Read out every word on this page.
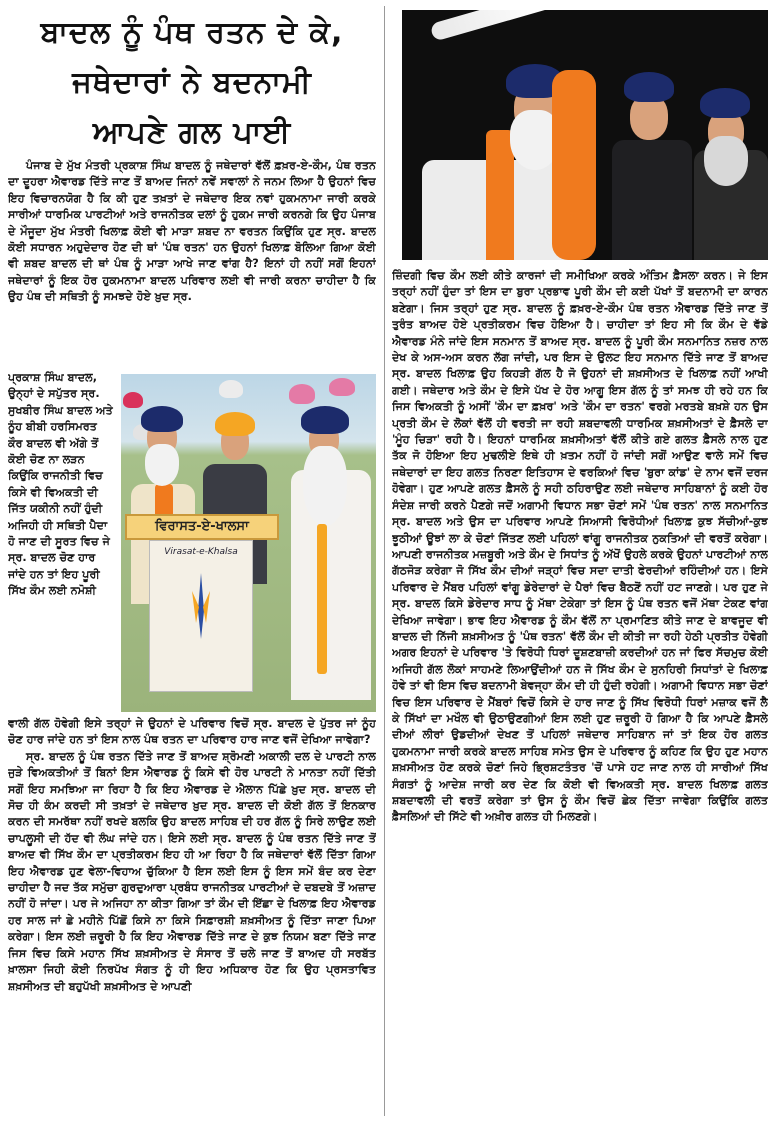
ਬਾਦਲ ਨੂੰ ਪੰਥ ਰਤਨ ਦੇ ਕੇ,
ਜਥੇਦਾਰਾਂ ਨੇ ਬਦਨਾਮੀ
ਆਪਣੇ ਗਲ ਪਾਈ

ਪੰਜਾਬ ਦੇ ਮੁੱਖ ਮੰਤਰੀ ਪ੍ਰਕਾਸ਼ ਸਿੰਘ ਬਾਦਲ ਨੂੰ ਜਥੇਦਾਰਾਂ ਵੱਲੋਂ ਫ਼ਖ਼ਰ-ਏ-ਕੌਮ, ਪੰਥ ਰਤਨ ਦਾ ਦੂਹਰਾ ਐਵਾਰਡ ਦਿੱਤੇ ਜਾਣ ਤੋਂ ਬਾਅਦ ਜਿਨਾਂ ਨਵੇਂ ਸਵਾਲਾਂ ਨੇ ਜਨਮ ਲਿਆ ਹੈ ਉਹਨਾਂ ਵਿਚ ਇਹ ਵਿਚਾਰਨਯੋਗ ਹੈ ਕਿ ਕੀ ਹੁਣ ਤਖ਼ਤਾਂ ਦੇ ਜਥੇਦਾਰ ਇਕ ਨਵਾਂ ਹੁਕਮਨਾਮਾ ਜਾਰੀ ਕਰਕੇ ਸਾਰੀਆਂ ਧਾਰਮਿਕ ਪਾਰਟੀਆਂ ਅਤੇ ਰਾਜਨੀਤਕ ਦਲਾਂ ਨੂੰ ਹੁਕਮ ਜਾਰੀ ਕਰਨਗੇ ਕਿ ਉਹ ਪੰਜਾਬ ਦੇ ਮੌਜੂਦਾ ਮੁੱਖ ਮੰਤਰੀ ਖਿਲਾਫ਼ ਕੋਈ ਵੀ ਮਾੜਾ ਸ਼ਬਦ ਨਾ ਵਰਤਨ ਕਿਉਂਕਿ ਹੁਣ ਸ੍ਰ. ਬਾਦਲ ਕੋਈ ਸਧਾਰਨ ਅਹੁਦੇਦਾਰ ਹੋਣ ਦੀ ਥਾਂ 'ਪੰਥ ਰਤਨ' ਹਨ ਉਹਨਾਂ ਖਿਲਾਫ਼ ਬੋਲਿਆ ਗਿਆ ਕੋਈ ਵੀ ਸ਼ਬਦ ਬਾਦਲ ਦੀ ਥਾਂ ਪੰਥ ਨੂੰ ਮਾੜਾ ਆਖੇ ਜਾਣ ਵਾਂਗ ਹੈ? ਇਨਾਂ ਹੀ ਨਹੀਂ ਸਗੋਂ ਇਹਨਾਂ ਜਥੇਦਾਰਾਂ ਨੂੰ ਇਕ ਹੋਰ ਹੁਕਮਨਾਮਾ ਬਾਦਲ ਪਰਿਵਾਰ ਲਈ ਵੀ ਜਾਰੀ ਕਰਨਾ ਚਾਹੀਦਾ ਹੈ ਕਿ ਉਹ ਪੰਥ ਦੀ ਸਥਿਤੀ ਨੂੰ ਸਮਝਦੇ ਹੋਏ ਖ਼ੁਦ ਸ੍ਰ.

ਪ੍ਰਕਾਸ਼ ਸਿੰਘ ਬਾਦਲ, ਉਨ੍ਹਾਂ ਦੇ ਸਪੁੱਤਰ ਸ੍ਰ. ਸੁਖਬੀਰ ਸਿੰਘ ਬਾਦਲ ਅਤੇ ਨੂੰਹ ਬੀਬੀ ਹਰਸਿਮਰਤ ਕੌਰ ਬਾਦਲ ਵੀ ਅੱਗੇ ਤੋਂ ਕੋਈ ਚੋਣ ਨਾ ਲੜਨ ਕਿਉਂਕਿ ਰਾਜਨੀਤੀ ਵਿਚ ਕਿਸੇ ਵੀ ਵਿਅਕਤੀ ਦੀ ਜਿੱਤ ਯਕੀਨੀ ਨਹੀਂ ਹੁੰਦੀ ਅਜਿਹੀ ਹੀ ਸਥਿਤੀ ਪੈਦਾ ਹੋ ਜਾਣ ਦੀ ਸੂਰਤ ਵਿਚ ਜੇ ਸ੍ਰ. ਬਾਦਲ ਚੋਣ ਹਾਰ ਜਾਂਦੇ ਹਨ ਤਾਂ ਇਹ ਪੂਰੀ ਸਿੱਖ ਕੌਮ ਲਈ ਨਮੋਸ਼ੀ

ਵਿਰਾਸਤ-ਏ-ਖਾਲਸਾ
Virasat-e-Khalsa

ਵਾਲੀ ਗੱਲ ਹੋਵੇਗੀ ਇਸੇ ਤਰ੍ਹਾਂ ਜੇ ਉਹਨਾਂ ਦੇ ਪਰਿਵਾਰ ਵਿਚੋਂ ਸ੍ਰ. ਬਾਦਲ ਦੇ ਪੁੱਤਰ ਜਾਂ ਨੂੰਹ ਚੋਣ ਹਾਰ ਜਾਂਦੇ ਹਨ ਤਾਂ ਇਸ ਨਾਲ ਪੰਥ ਰਤਨ ਦਾ ਪਰਿਵਾਰ ਹਾਰ ਜਾਣ ਵਜੋਂ ਦੇਖਿਆ ਜਾਵੇਗਾ?

ਸ੍ਰ. ਬਾਦਲ ਨੂੰ ਪੰਥ ਰਤਨ ਦਿੱਤੇ ਜਾਣ ਤੋਂ ਬਾਅਦ ਸ਼੍ਰੋਮਣੀ ਅਕਾਲੀ ਦਲ ਦੇ ਪਾਰਟੀ ਨਾਲ ਜੁੜੇ ਵਿਅਕਤੀਆਂ ਤੋਂ ਬਿਨਾਂ ਇਸ ਐਵਾਰਡ ਨੂੰ ਕਿਸੇ ਵੀ ਹੋਰ ਪਾਰਟੀ ਨੇ ਮਾਨਤਾ ਨਹੀਂ ਦਿੱਤੀ ਸਗੋਂ ਇਹ ਸਮਝਿਆ ਜਾ ਰਿਹਾ ਹੈ ਕਿ ਇਹ ਐਵਾਰਡ ਦੇ ਐਲਾਨ ਪਿੱਛੇ ਖ਼ੁਦ ਸ੍ਰ. ਬਾਦਲ ਦੀ ਸੋਚ ਹੀ ਕੰਮ ਕਰਦੀ ਸੀ ਤਖ਼ਤਾਂ ਦੇ ਜਥੇਦਾਰ ਖ਼ੁਦ ਸ੍ਰ. ਬਾਦਲ ਦੀ ਕੋਈ ਗੱਲ ਤੋਂ ਇਨਕਾਰ ਕਰਨ ਦੀ ਸਮਰੱਥਾ ਨਹੀਂ ਰਖਦੇ ਬਲਕਿ ਉਹ ਬਾਦਲ ਸਾਹਿਬ ਦੀ ਹਰ ਗੱਲ ਨੂੰ ਸਿਰੇ ਲਾਉਣ ਲਈ ਚਾਪਲੂਸੀ ਦੀ ਹੱਦ ਵੀ ਲੰਘ ਜਾਂਦੇ ਹਨ। ਇਸੇ ਲਈ ਸ੍ਰ. ਬਾਦਲ ਨੂੰ ਪੰਥ ਰਤਨ ਦਿੱਤੇ ਜਾਣ ਤੋਂ ਬਾਅਦ ਵੀ ਸਿੱਖ ਕੌਮ ਦਾ ਪ੍ਰਤੀਕਰਮ ਇਹ ਹੀ ਆ ਰਿਹਾ ਹੈ ਕਿ ਜਥੇਦਾਰਾਂ ਵੱਲੋਂ ਦਿੱਤਾ ਗਿਆ ਇਹ ਐਵਾਰਡ ਹੁਣ ਵੇਲਾ-ਵਿਹਾਅ ਚੁੱਕਿਆ ਹੈ ਇਸ ਲਈ ਇਸ ਨੂੰ ਇਸ ਸਮੇਂ ਬੰਦ ਕਰ ਦੇਣਾ ਚਾਹੀਦਾ ਹੈ ਜਦ ਤੱਕ ਸਮੁੱਚਾ ਗੁਰਦੁਆਰਾ ਪ੍ਰਬੰਧ ਰਾਜਨੀਤਕ ਪਾਰਟੀਆਂ ਦੇ ਦਬਦਬੇ ਤੋਂ ਅਜ਼ਾਦ ਨਹੀਂ ਹੋ ਜਾਂਦਾ। ਪਰ ਜੇ ਅਜਿਹਾ ਨਾ ਕੀਤਾ ਗਿਆ ਤਾਂ ਕੌਮ ਦੀ ਇੱਛਾ ਦੇ ਖਿਲਾਫ਼ ਇਹ ਐਵਾਰਡ ਹਰ ਸਾਲ ਜਾਂ ਛੇ ਮਹੀਨੇ ਪਿੱਛੋਂ ਕਿਸੇ ਨਾ ਕਿਸੇ ਸਿਫ਼ਾਰਸ਼ੀ ਸ਼ਖ਼ਸੀਅਤ ਨੂੰ ਦਿੱਤਾ ਜਾਣਾ ਪਿਆ ਕਰੇਗਾ। ਇਸ ਲਈ ਜ਼ਰੂਰੀ ਹੈ ਕਿ ਇਹ ਐਵਾਰਡ ਦਿੱਤੇ ਜਾਣ ਦੇ ਕੁਝ ਨਿਯਮ ਬਣਾ ਦਿੱਤੇ ਜਾਣ ਜਿਸ ਵਿਚ ਕਿਸੇ ਮਹਾਨ ਸਿੱਖ ਸ਼ਖ਼ਸੀਅਤ ਦੇ ਸੰਸਾਰ ਤੋਂ ਚਲੇ ਜਾਣ ਤੋਂ ਬਾਅਦ ਹੀ ਸਰਬੱਤ ਖ਼ਾਲਸਾ ਜਿਹੀ ਕੋਈ ਨਿਰਪੱਖ ਸੰਗਤ ਨੂੰ ਹੀ ਇਹ ਅਧਿਕਾਰ ਹੋਣ ਕਿ ਉਹ ਪ੍ਰਸਤਾਵਿਤ ਸ਼ਖ਼ਸੀਅਤ ਦੀ ਬਹੁਪੱਖੀ ਸ਼ਖ਼ਸੀਅਤ ਦੇ ਆਪਣੀ

ਜ਼ਿੰਦਗੀ ਵਿਚ ਕੌਮ ਲਈ ਕੀਤੇ ਕਾਰਜਾਂ ਦੀ ਸਮੀਖਿਆ ਕਰਕੇ ਅੰਤਿਮ ਫ਼ੈਸਲਾ ਕਰਨ। ਜੇ ਇਸ ਤਰ੍ਹਾਂ ਨਹੀਂ ਹੁੰਦਾ ਤਾਂ ਇਸ ਦਾ ਬੁਰਾ ਪ੍ਰਭਾਵ ਪੂਰੀ ਕੌਮ ਦੀ ਕਈ ਪੱਖਾਂ ਤੋਂ ਬਦਨਾਮੀ ਦਾ ਕਾਰਨ ਬਣੇਗਾ। ਜਿਸ ਤਰ੍ਹਾਂ ਹੁਣ ਸ੍ਰ. ਬਾਦਲ ਨੂੰ ਫ਼ਖ਼ਰ-ਏ-ਕੌਮ ਪੰਥ ਰਤਨ ਐਵਾਰਡ ਦਿੱਤੇ ਜਾਣ ਤੋਂ ਤੁਰੰਤ ਬਾਅਦ ਹੋਏ ਪ੍ਰਤੀਕਰਮ ਵਿਚ ਹੋਇਆ ਹੈ। ਚਾਹੀਦਾ ਤਾਂ ਇਹ ਸੀ ਕਿ ਕੌਮ ਦੇ ਵੱਡੇ ਐਵਾਰਡ ਮੰਨੇ ਜਾਂਦੇ ਇਸ ਸਨਮਾਨ ਤੋਂ ਬਾਅਦ ਸ੍ਰ. ਬਾਦਲ ਨੂੰ ਪੂਰੀ ਕੌਮ ਸਨਮਾਨਿਤ ਨਜ਼ਰ ਨਾਲ ਦੇਖ ਕੇ ਅਸ-ਅਸ ਕਰਨ ਲੱਗ ਜਾਂਦੀ, ਪਰ ਇਸ ਦੇ ਉਲਟ ਇਹ ਸਨਮਾਨ ਦਿੱਤੇ ਜਾਣ ਤੋਂ ਬਾਅਦ ਸ੍ਰ. ਬਾਦਲ ਖਿਲਾਫ਼ ਉਹ ਕਿਹੜੀ ਗੱਲ ਹੈ ਜੋ ਉਹਨਾਂ ਦੀ ਸ਼ਖ਼ਸੀਅਤ ਦੇ ਖਿਲਾਫ਼ ਨਹੀਂ ਆਖੀ ਗਈ। ਜਥੇਦਾਰ ਅਤੇ ਕੌਮ ਦੇ ਇਸੇ ਪੱਖ ਦੇ ਹੋਰ ਆਗੂ ਇਸ ਗੱਲ ਨੂੰ ਤਾਂ ਸਮਝ ਹੀ ਰਹੇ ਹਨ ਕਿ ਜਿਸ ਵਿਅਕਤੀ ਨੂੰ ਅਸੀਂ 'ਕੌਮ ਦਾ ਫ਼ਖ਼ਰ' ਅਤੇ 'ਕੌਮ ਦਾ ਰਤਨ' ਵਰਗੇ ਮਰਤਬੇ ਬਖ਼ਸ਼ੇ ਹਨ ਉਸ ਪ੍ਰਤੀ ਕੌਮ ਦੇ ਲੋਕਾਂ ਵੱਲੋਂ ਹੀ ਵਰਤੀ ਜਾ ਰਹੀ ਸ਼ਬਦਾਵਲੀ ਧਾਰਮਿਕ ਸ਼ਖ਼ਸੀਅਤਾਂ ਦੇ ਫ਼ੈਸਲੇ ਦਾ 'ਮੂੰਹ ਚਿੜਾ' ਰਹੀ ਹੈ। ਇਹਨਾਂ ਧਾਰਮਿਕ ਸ਼ਖ਼ਸੀਅਤਾਂ ਵੱਲੋਂ ਕੀਤੇ ਗਏ ਗਲਤ ਫ਼ੈਸਲੇ ਨਾਲ ਹੁਣ ਤੱਕ ਜੋ ਹੋਇਆ ਇਹ ਮੁਢਲੀਏ ਇਥੇ ਹੀ ਖ਼ਤਮ ਨਹੀਂ ਹੋ ਜਾਂਦੀ ਸਗੋਂ ਆਉਣ ਵਾਲੇ ਸਮੇਂ ਵਿਚ ਜਥੇਦਾਰਾਂ ਦਾ ਇਹ ਗਲਤ ਨਿਰਣਾ ਇਤਿਹਾਸ ਦੇ ਵਰਕਿਆਂ ਵਿਚ 'ਬੁਰਾ ਕਾਂਡ' ਦੇ ਨਾਮ ਵਜੋਂ ਦਰਜ ਹੋਵੇਗਾ। ਹੁਣ ਆਪਣੇ ਗਲਤ ਫ਼ੈਸਲੇ ਨੂੰ ਸਹੀ ਠਹਿਰਾਉਣ ਲਈ ਜਥੇਦਾਰ ਸਾਹਿਬਾਨਾਂ ਨੂੰ ਕਈ ਹੋਰ ਸੰਦੇਸ਼ ਜਾਰੀ ਕਰਨੇ ਪੈਣਗੇ ਜਦੋਂ ਅਗਾਮੀ ਵਿਧਾਨ ਸਭਾ ਚੋਣਾਂ ਸਮੇਂ 'ਪੰਥ ਰਤਨ' ਨਾਲ ਸਨਮਾਨਿਤ ਸ੍ਰ. ਬਾਦਲ ਅਤੇ ਉਸ ਦਾ ਪਰਿਵਾਰ ਆਪਣੇ ਸਿਆਸੀ ਵਿਰੋਧੀਆਂ ਖਿਲਾਫ਼ ਕੁਝ ਸੱਚੀਆਂ-ਕੁਝ ਝੂਠੀਆਂ ਊਝਾਂ ਲਾ ਕੇ ਚੋਣਾਂ ਜਿੱਤਣ ਲਈ ਪਹਿਲਾਂ ਵਾਂਗੂ ਰਾਜਨੀਤਕ ਨੁਕਤਿਆਂ ਦੀ ਵਰਤੋਂ ਕਰੇਗਾ। ਆਪਣੀ ਰਾਜਨੀਤਕ ਮਜ਼ਬੂਰੀ ਅਤੇ ਕੌਮ ਦੇ ਸਿਧਾਂਤ ਨੂੰ ਅੱਖੋਂ ਉਹਲੇ ਕਰਕੇ ਉਹਨਾਂ ਪਾਰਟੀਆਂ ਨਾਲ ਗੱਠਜੋੜ ਕਰੇਗਾ ਜੋ ਸਿੱਖ ਕੌਮ ਦੀਆਂ ਜੜ੍ਹਾਂ ਵਿਚ ਸਦਾ ਦਾਤੀ ਫੇਰਦੀਆਂ ਰਹਿੰਦੀਆਂ ਹਨ। ਇਸੇ ਪਰਿਵਾਰ ਦੇ ਮੈਂਬਰ ਪਹਿਲਾਂ ਵਾਂਗੂ ਡੇਰੇਦਾਰਾਂ ਦੇ ਪੈਰਾਂ ਵਿਚ ਬੈਠਣੋਂ ਨਹੀਂ ਹਟ ਜਾਣਗੇ। ਪਰ ਹੁਣ ਜੇ ਸ੍ਰ. ਬਾਦਲ ਕਿਸੇ ਡੇਰੇਦਾਰ ਸਾਧ ਨੂੰ ਮੱਥਾ ਟੇਕੇਗਾ ਤਾਂ ਇਸ ਨੂੰ ਪੰਥ ਰਤਨ ਵਜੋਂ ਮੱਥਾ ਟੇਕਣ ਵਾਂਗ ਦੇਖਿਆ ਜਾਵੇਗਾ। ਭਾਵ ਇਹ ਐਵਾਰਡ ਨੂੰ ਕੌਮ ਵੱਲੋਂ ਨਾ ਪ੍ਰਮਾਣਿਤ ਕੀਤੇ ਜਾਣ ਦੇ ਬਾਵਜੂਦ ਵੀ ਬਾਦਲ ਦੀ ਨਿੱਜੀ ਸ਼ਖ਼ਸੀਅਤ ਨੂੰ 'ਪੰਥ ਰਤਨ' ਵੱਲੋਂ ਕੌਮ ਦੀ ਕੀਤੀ ਜਾ ਰਹੀ ਹੇਠੀ ਪ੍ਰਤੀਤ ਹੋਵੇਗੀ ਅਗਰ ਇਹਨਾਂ ਦੇ ਪਰਿਵਾਰ 'ਤੇ ਵਿਰੋਧੀ ਧਿਰਾਂ ਦੂਸ਼ਣਬਾਜ਼ੀ ਕਰਦੀਆਂ ਹਨ ਜਾਂ ਫਿਰ ਸੱਚਮੁਚ ਕੋਈ ਅਜਿਹੀ ਗੱਲ ਲੋਕਾਂ ਸਾਹਮਣੇ ਲਿਆਉਂਦੀਆਂ ਹਨ ਜੋ ਸਿੱਖ ਕੌਮ ਦੇ ਸੁਨਹਿਰੀ ਸਿਧਾਂਤਾਂ ਦੇ ਖਿਲਾਫ਼ ਹੋਵੇ ਤਾਂ ਵੀ ਇਸ ਵਿਚ ਬਦਨਾਮੀ ਬੇਵਜ੍ਹਾ ਕੌਮ ਦੀ ਹੀ ਹੁੰਦੀ ਰਹੇਗੀ। ਅਗਾਮੀ ਵਿਧਾਨ ਸਭਾ ਚੋਣਾਂ ਵਿਚ ਇਸ ਪਰਿਵਾਰ ਦੇ ਮੈਂਬਰਾਂ ਵਿਚੋਂ ਕਿਸੇ ਦੇ ਹਾਰ ਜਾਣ ਨੂੰ ਸਿੱਖ ਵਿਰੋਧੀ ਧਿਰਾਂ ਮਜ਼ਾਕ ਵਜੋਂ ਲੈ ਕੇ ਸਿੱਖਾਂ ਦਾ ਮਖੌਲ ਵੀ ਉਠਾਉਣਗੀਆਂ ਇਸ ਲਈ ਹੁਣ ਜ਼ਰੂਰੀ ਹੋ ਗਿਆ ਹੈ ਕਿ ਆਪਣੇ ਫ਼ੈਸਲੇ ਦੀਆਂ ਲੀਰਾਂ ਉਡਦੀਆਂ ਦੇਖਣ ਤੋਂ ਪਹਿਲਾਂ ਜਥੇਦਾਰ ਸਾਹਿਬਾਨ ਜਾਂ ਤਾਂ ਇਕ ਹੋਰ ਗਲਤ ਹੁਕਮਨਾਮਾ ਜਾਰੀ ਕਰਕੇ ਬਾਦਲ ਸਾਹਿਬ ਸਮੇਤ ਉਸ ਦੇ ਪਰਿਵਾਰ ਨੂੰ ਕਹਿਣ ਕਿ ਉਹ ਹੁਣ ਮਹਾਨ ਸ਼ਖ਼ਸੀਅਤ ਹੋਣ ਕਰਕੇ ਚੋਣਾਂ ਜਿਹੇ ਭ੍ਰਿਸ਼ਟਤੰਤਰ 'ਚੋਂ ਪਾਸੇ ਹਟ ਜਾਣ ਨਾਲ ਹੀ ਸਾਰੀਆਂ ਸਿੱਖ ਸੰਗਤਾਂ ਨੂੰ ਆਦੇਸ਼ ਜਾਰੀ ਕਰ ਦੇਣ ਕਿ ਕੋਈ ਵੀ ਵਿਅਕਤੀ ਸ੍ਰ. ਬਾਦਲ ਖਿਲਾਫ਼ ਗਲਤ ਸ਼ਬਦਾਵਲੀ ਦੀ ਵਰਤੋਂ ਕਰੇਗਾ ਤਾਂ ਉਸ ਨੂੰ ਕੌਮ ਵਿਚੋਂ ਛੇਕ ਦਿੱਤਾ ਜਾਵੇਗਾ ਕਿਉਂਕਿ ਗਲਤ ਫ਼ੈਸਲਿਆਂ ਦੀ ਸਿੱਟੇ ਵੀ ਅਖ਼ੀਰ ਗਲਤ ਹੀ ਮਿਲਣਗੇ।
